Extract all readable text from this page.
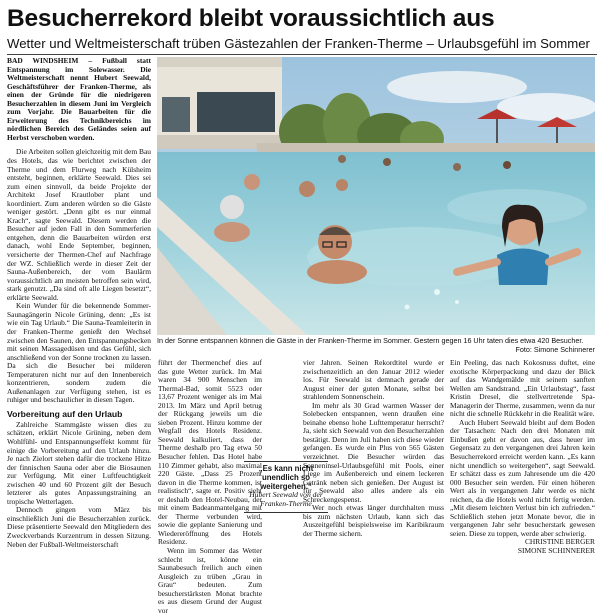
Besucherrekord bleibt voraussichtlich aus
Wetter und Weltmeisterschaft trüben Gästezahlen der Franken-Therme – Urlaubsgefühl im Sommer

BAD WINDSHEIM – Fußball statt Entspannung im Solewasser. Die Weltmeisterschaft nennt Hubert Seewald, Geschäftsführer der Franken-Therme, als einen der Gründe für die niedrigeren Besucherzahlen in diesem Juni im Vergleich zum Vorjahr. Die Bauarbeiten für die Erweiterung des Technikbereichs im nördlichen Bereich des Geländes seien auf Herbst verschoben worden.

Die Arbeiten sollen gleichzeitig mit dem Bau des Hotels, das wie berichtet zwischen der Therme und dem Flurweg nach Külsheim entsteht, beginnen, erklärte Seewald. Dies sei zum einen sinnvoll, da beide Projekte der Architekt Josef Krautlober plant und koordiniert. Zum anderen würden so die Gäste weniger gestört. „Denn gibt es nur einmal Krach“, sagte Seewald. Diesem werden die Besucher auf jeden Fall in den Sommerferien entgehen, denn die Bauarbeiten würden erst danach, wohl Ende September, beginnen, versicherte der Thermen-Chef auf Nachfrage der WZ. Schließlich werde in dieser Zeit der Sauna-Außenbereich, der vom Baulärm voraussichtlich am meisten betroffen sein wird, stark genutzt. „Da sind oft alle Liegen besetzt“, erklärte Seewald.

Kein Wunder für die bekennende Sommer-Saunagängerin Nicole Grüning, denn: „Es ist wie ein Tag Urlaub.“ Die Sauna-Teamleiterin in der Franken-Therme genießt den Wechsel zwischen den Saunen, den Entspannungsbecken mit seinen Massagedüsen und das Gefühl, sich anschließend von der Sonne trocknen zu lassen. Da sich die Besucher bei milderen Temperaturen nicht nur auf den Innenbereich konzentrieren, sondern zudem die Außenanlagen zur Verfügung stehen, ist es ruhiger und beschaulicher in diesen Tagen.

Vorbereitung auf den Urlaub

Zahlreiche Stammgäste wissen dies zu schätzen, erklärt Nicole Grüning, neben dem Wohlfühl- und Entspannungseffekt kommt für einige die Vorbereitung auf den Urlaub hinzu. Je nach Zielort stehen dafür die trockene Hitze der finnischen Sauna oder aber die Biosaunen zur Verfügung. Mit einer Luftfeuchtigkeit zwischen 40 und 60 Prozent gilt der Besuch letzterer als gutes Anpassungstraining an tropische Wetterlagen.

Dennoch gingen vom März bis einschließlich Juni die Besucherzahlen zurück. Diese präsentierte Seewald den Mitgliedern des Zweckverbands Kurzentrum in dessen Sitzung. Neben der Fußball-Weltmeisterschaft

In der Sonne entspannen können die Gäste in der Franken-Therme im Sommer. Gestern gegen 16 Uhr taten dies etwa 420 Besucher.
Foto: Simone Schinnerer

führt der Thermenchef dies auf das gute Wetter zurück. Im Mai waren 34 900 Menschen im Thermal-Bad, somit 5523 oder 13,67 Prozent weniger als im Mai 2013. Im März und April betrug der Rückgang jeweils um die sieben Prozent. Hinzu komme der Wegfall des Hotels Residenz. Seewald kalkuliert, dass der Therme deshalb pro Tag etwa 50 Besucher fehlen. Das Hotel habe 110 Zimmer gehabt, also maximal 220 Gäste. „Dass 25 Prozent davon in die Therme kommen, ist realistisch“, sagte er. Positiv sieht er deshalb den Hotel-Neubau, der mit einem Badeanmantelgang mit der Therme verbunden wird, sowie die geplante Sanierung und Wiedereröffnung des Hotels Residenz.

Wenn im Sommer das Wetter schlecht ist, könne ein Saunabesuch freilich auch einen Ausgleich zu trüben „Grau in Grau“ bedeuten. Zum besucherstärksten Monat brachte es aus diesem Grund der August vor

„Es kann nicht unendlich so weitergehen.“
Hubert Seewald von der Franken-Therme

vier Jahren. Seinen Rekordtitel wurde er zwischenzeitlich an den Januar 2012 wieder los. Für Seewald ist demnach gerade der August einer der guten Monate, selbst bei strahlendem Sonnenschein.

Im mehr als 30 Grad warmen Wasser der Solebecken entspannen, wenn draußen eine beinahe ebenso hohe Lufttemperatur herrscht? Ja, sieht sich Seewald von den Besucherzahlen bestätigt. Denn im Juli haben sich diese wieder gefangen. Es wurde ein Plus von 565 Gästen verzeichnet. Die Besucher würden das Sonneninsel-Urlaubsgefühl mit Pools, einer Liege im Außenbereich und einem leckeren Getränk neben sich genießen. Der August ist für Seewald also alles andere als ein Schreckengespenst.

Wer noch etwas länger durchhalten muss bis zum nächsten Urlaub, kann sich das Auszeitgefühl beispielsweise im Karibikraum der Therme sichern.

Ein Peeling, das nach Kokosnuss duftet, eine exotische Körperpackung und dazu der Blick auf das Wandgemälde mit seinem sanften Wellen am Sandstrand. „Ein Urlaubstag“, fasst Kristin Dresel, die stellvertretende Spa-Managerin der Therme, zusammen, wenn da nur nicht die schnelle Rückkehr in die Realität wäre.

Auch Hubert Seewald bleibt auf dem Boden der Tatsachen: Nach den drei Monaten mit Einbußen geht er davon aus, dass heuer im Gegensatz zu den vergangenen drei Jahren kein Besucherrekord erreicht werden kann. „Es kann nicht unendlich so weitergehen“, sagt Seewald. Er schätzt dass es zum Jahresende um die 420 000 Besucher sein werden. Für einen höheren Wert als in vergangenen Jahr werde es nicht reichen, da die Hotels wohl nicht fertig werden. „Mit diesem leichten Verlust bin ich zufrieden.“ Schließlich stehen jetzt Monate bevor, die in vergangenen Jahr sehr besucherstark gewesen seien. Diese zu toppen, werde aber schwierig.

CHRISTINE BERGER

SIMONE SCHINNERER
